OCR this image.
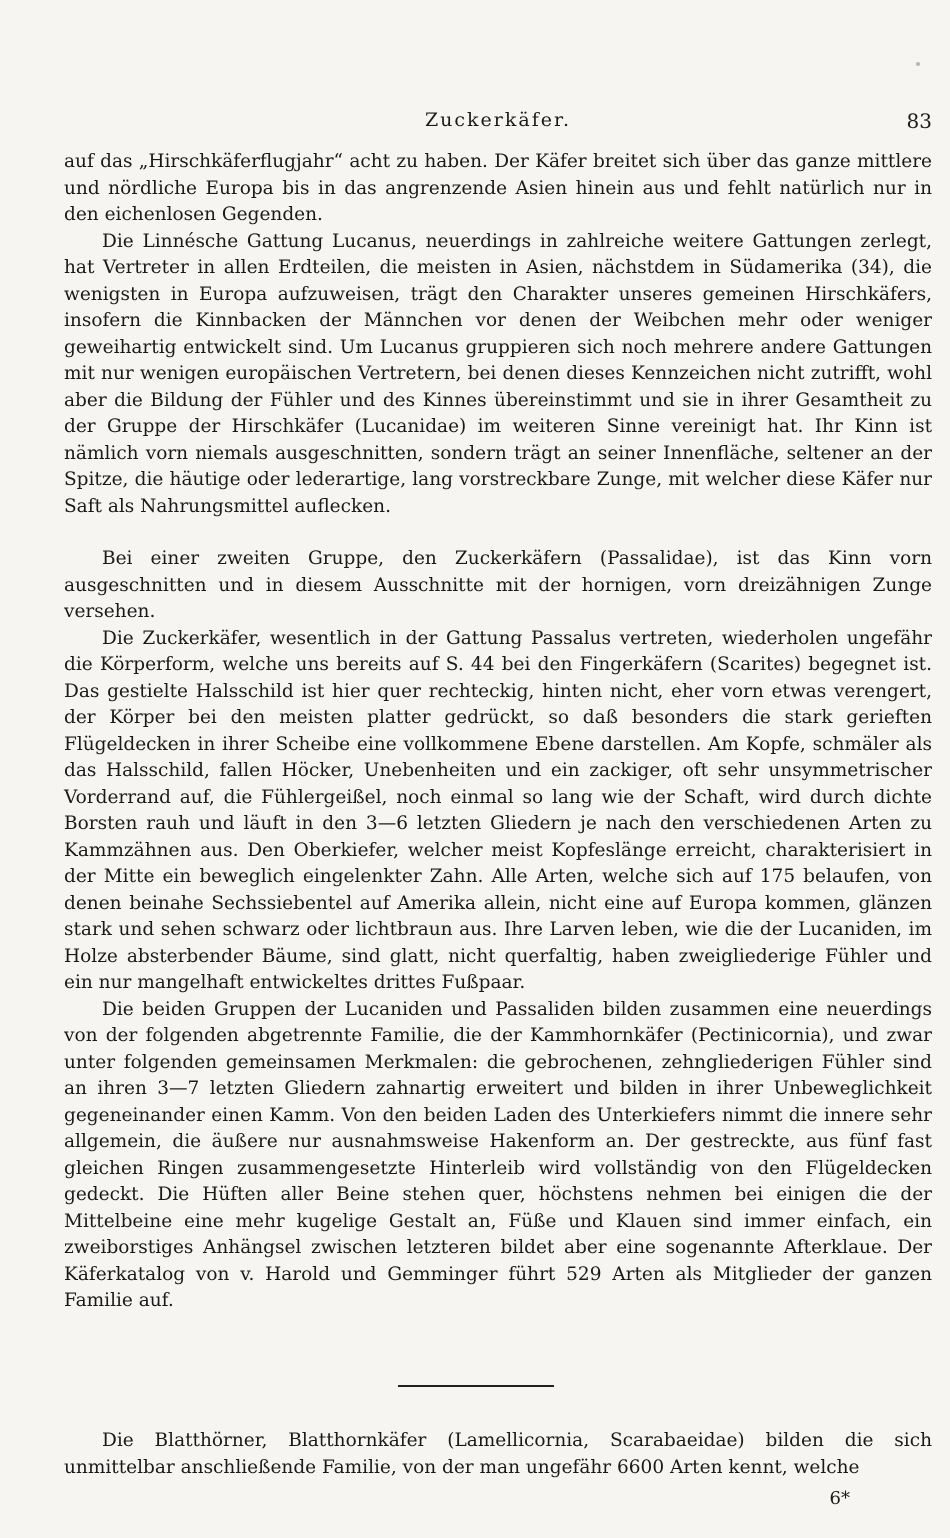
Zuckerkäfer.	83

auf das „Hirschkäferflugjahr“ acht zu haben. Der Käfer breitet sich über das ganze mittlere und nördliche Europa bis in das angrenzende Asien hinein aus und fehlt natürlich nur in den eichenlosen Gegenden.

Die Linnésche Gattung Lucanus, neuerdings in zahlreiche weitere Gattungen zerlegt, hat Vertreter in allen Erdteilen, die meisten in Asien, nächstdem in Südamerika (34), die wenigsten in Europa aufzuweisen, trägt den Charakter unseres gemeinen Hirschkäfers, insofern die Kinnbacken der Männchen vor denen der Weibchen mehr oder weniger geweihartig entwickelt sind. Um Lucanus gruppieren sich noch mehrere andere Gattungen mit nur wenigen europäischen Vertretern, bei denen dieses Kennzeichen nicht zutrifft, wohl aber die Bildung der Fühler und des Kinnes übereinstimmt und sie in ihrer Gesamtheit zu der Gruppe der Hirschkäfer (Lucanidae) im weiteren Sinne vereinigt hat. Ihr Kinn ist nämlich vorn niemals ausgeschnitten, sondern trägt an seiner Innenfläche, seltener an der Spitze, die häutige oder lederartige, lang vorstreckbare Zunge, mit welcher diese Käfer nur Saft als Nahrungsmittel auflecken.

Bei einer zweiten Gruppe, den Zuckerkäfern (Passalidae), ist das Kinn vorn ausgeschnitten und in diesem Ausschnitte mit der hornigen, vorn dreizähnigen Zunge versehen.

Die Zuckerkäfer, wesentlich in der Gattung Passalus vertreten, wiederholen ungefähr die Körperform, welche uns bereits auf S. 44 bei den Fingerkäfern (Scarites) begegnet ist. Das gestielte Halsschild ist hier quer rechteckig, hinten nicht, eher vorn etwas verengert, der Körper bei den meisten platter gedrückt, so daß besonders die stark gerieften Flügeldecken in ihrer Scheibe eine vollkommene Ebene darstellen. Am Kopfe, schmäler als das Halsschild, fallen Höcker, Unebenheiten und ein zackiger, oft sehr unsymmetrischer Vorderrand auf, die Fühlergeißel, noch einmal so lang wie der Schaft, wird durch dichte Borsten rauh und läuft in den 3—6 letzten Gliedern je nach den verschiedenen Arten zu Kammzähnen aus. Den Oberkiefer, welcher meist Kopfeslänge erreicht, charakterisiert in der Mitte ein beweglich eingelenkter Zahn. Alle Arten, welche sich auf 175 belaufen, von denen beinahe Sechssiebentel auf Amerika allein, nicht eine auf Europa kommen, glänzen stark und sehen schwarz oder lichtbraun aus. Ihre Larven leben, wie die der Lucaniden, im Holze absterbender Bäume, sind glatt, nicht querfaltig, haben zweigliederige Fühler und ein nur mangelhaft entwickeltes drittes Fußpaar.

Die beiden Gruppen der Lucaniden und Passaliden bilden zusammen eine neuerdings von der folgenden abgetrennte Familie, die der Kammhornkäfer (Pectinicornia), und zwar unter folgenden gemeinsamen Merkmalen: die gebrochenen, zehngliederigen Fühler sind an ihren 3—7 letzten Gliedern zahnartig erweitert und bilden in ihrer Unbeweglichkeit gegeneinander einen Kamm. Von den beiden Laden des Unterkiefers nimmt die innere sehr allgemein, die äußere nur ausnahmsweise Hakenform an. Der gestreckte, aus fünf fast gleichen Ringen zusammengesetzte Hinterleib wird vollständig von den Flügeldecken gedeckt. Die Hüften aller Beine stehen quer, höchstens nehmen bei einigen die der Mittelbeine eine mehr kugelige Gestalt an, Füße und Klauen sind immer einfach, ein zweiborstiges Anhängsel zwischen letzteren bildet aber eine sogenannte Afterklaue. Der Käferkatalog von v. Harold und Gemminger führt 529 Arten als Mitglieder der ganzen Familie auf.

Die Blatthörner, Blatthornkäfer (Lamellicornia, Scarabaeidae) bilden die sich unmittelbar anschließende Familie, von der man ungefähr 6600 Arten kennt, welche

6*
